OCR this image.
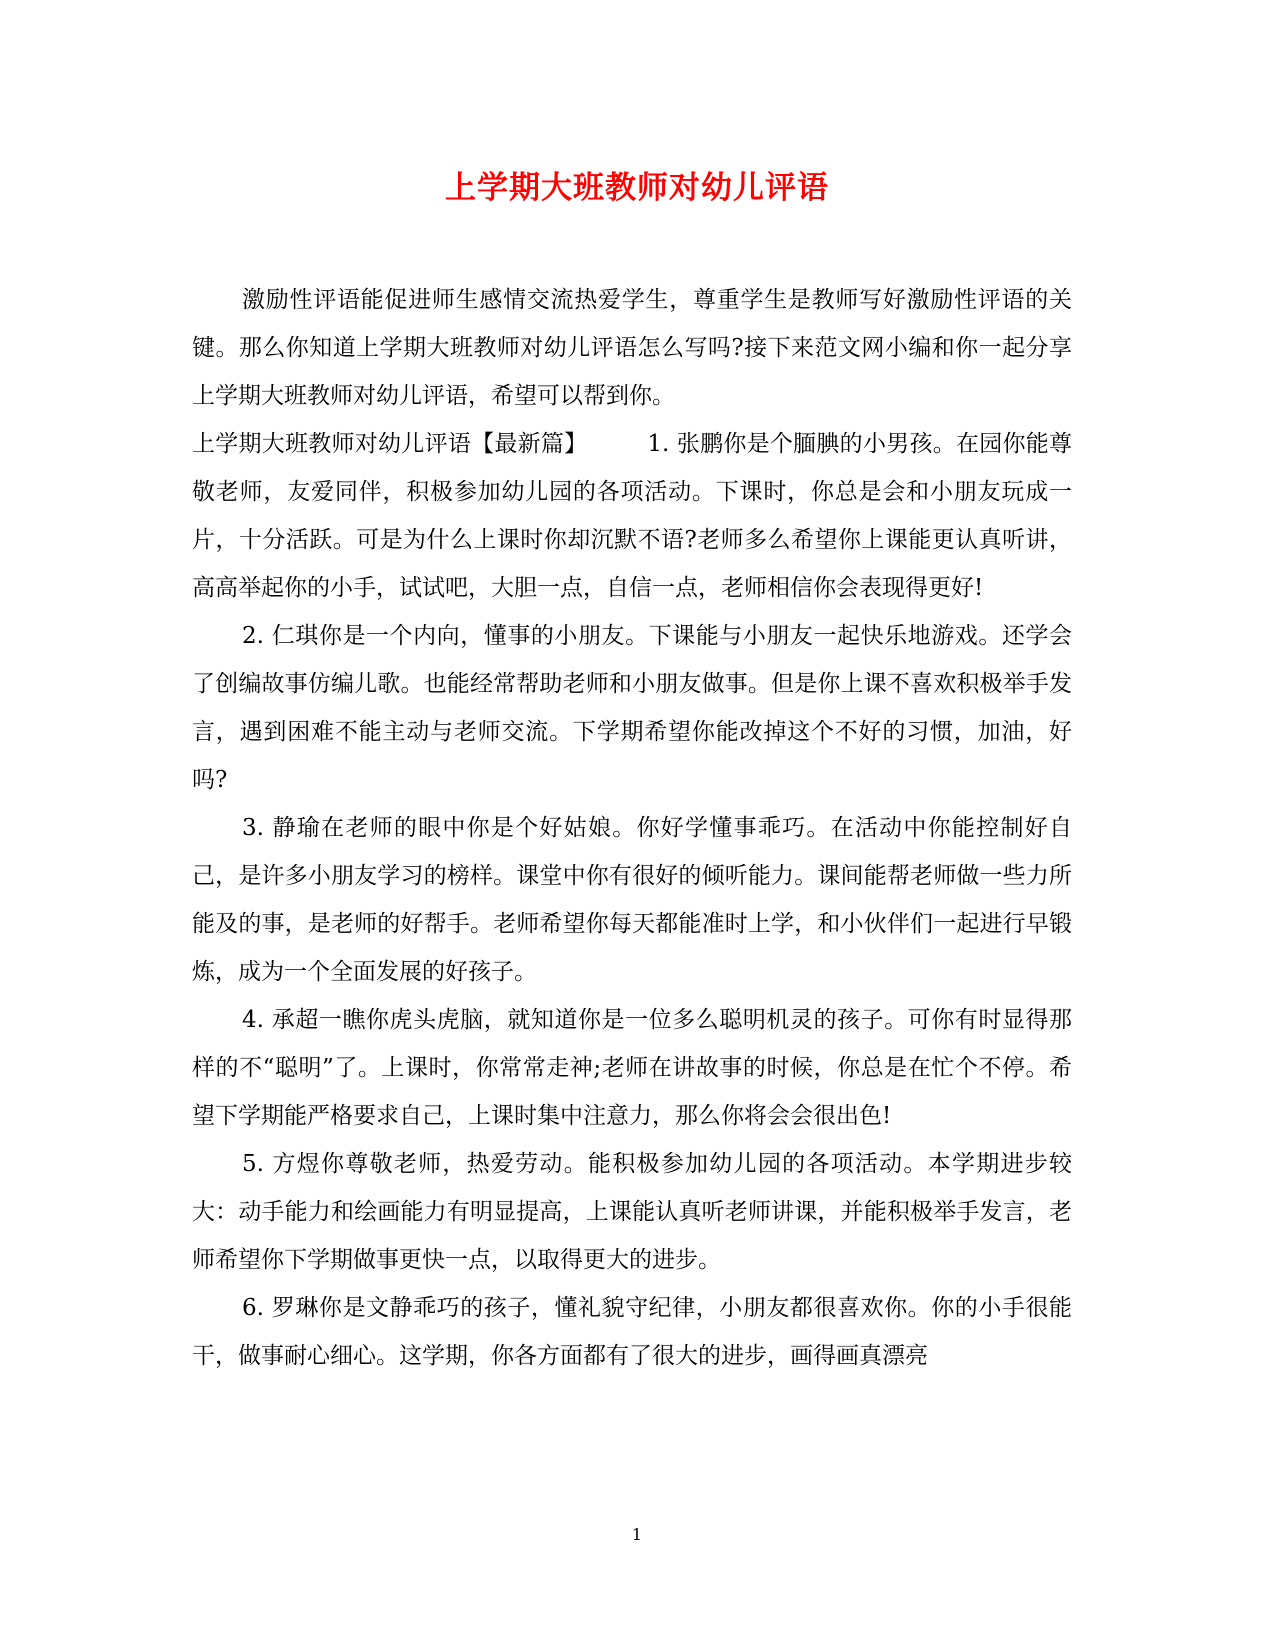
上学期大班教师对幼儿评语

激励性评语能促进师生感情交流热爱学生，尊重学生是教师写好激励性评语的关键。那么你知道上学期大班教师对幼儿评语怎么写吗?接下来范文网小编和你一起分享上学期大班教师对幼儿评语，希望可以帮到你。

上学期大班教师对幼儿评语【最新篇】	1. 张鹏你是个腼腆的小男孩。在园你能尊敬老师，友爱同伴，积极参加幼儿园的各项活动。下课时，你总是会和小朋友玩成一片，十分活跃。可是为什么上课时你却沉默不语?老师多么希望你上课能更认真听讲，高高举起你的小手，试试吧，大胆一点，自信一点，老师相信你会表现得更好!

2. 仁琪你是一个内向，懂事的小朋友。下课能与小朋友一起快乐地游戏。还学会了创编故事仿编儿歌。也能经常帮助老师和小朋友做事。但是你上课不喜欢积极举手发言，遇到困难不能主动与老师交流。下学期希望你能改掉这个不好的习惯，加油，好吗?

3. 静瑜在老师的眼中你是个好姑娘。你好学懂事乖巧。在活动中你能控制好自己，是许多小朋友学习的榜样。课堂中你有很好的倾听能力。课间能帮老师做一些力所能及的事，是老师的好帮手。老师希望你每天都能准时上学，和小伙伴们一起进行早锻炼，成为一个全面发展的好孩子。

4. 承超一瞧你虎头虎脑，就知道你是一位多么聪明机灵的孩子。可你有时显得那样的不“聪明”了。上课时，你常常走神;老师在讲故事的时候，你总是在忙个不停。希望下学期能严格要求自己，上课时集中注意力，那么你将会会很出色!

5. 方煜你尊敬老师，热爱劳动。能积极参加幼儿园的各项活动。本学期进步较大：动手能力和绘画能力有明显提高，上课能认真听老师讲课，并能积极举手发言，老师希望你下学期做事更快一点，以取得更大的进步。

6. 罗琳你是文静乖巧的孩子，懂礼貌守纪律，小朋友都很喜欢你。你的小手很能干，做事耐心细心。这学期，你各方面都有了很大的进步，画得画真漂亮

1
